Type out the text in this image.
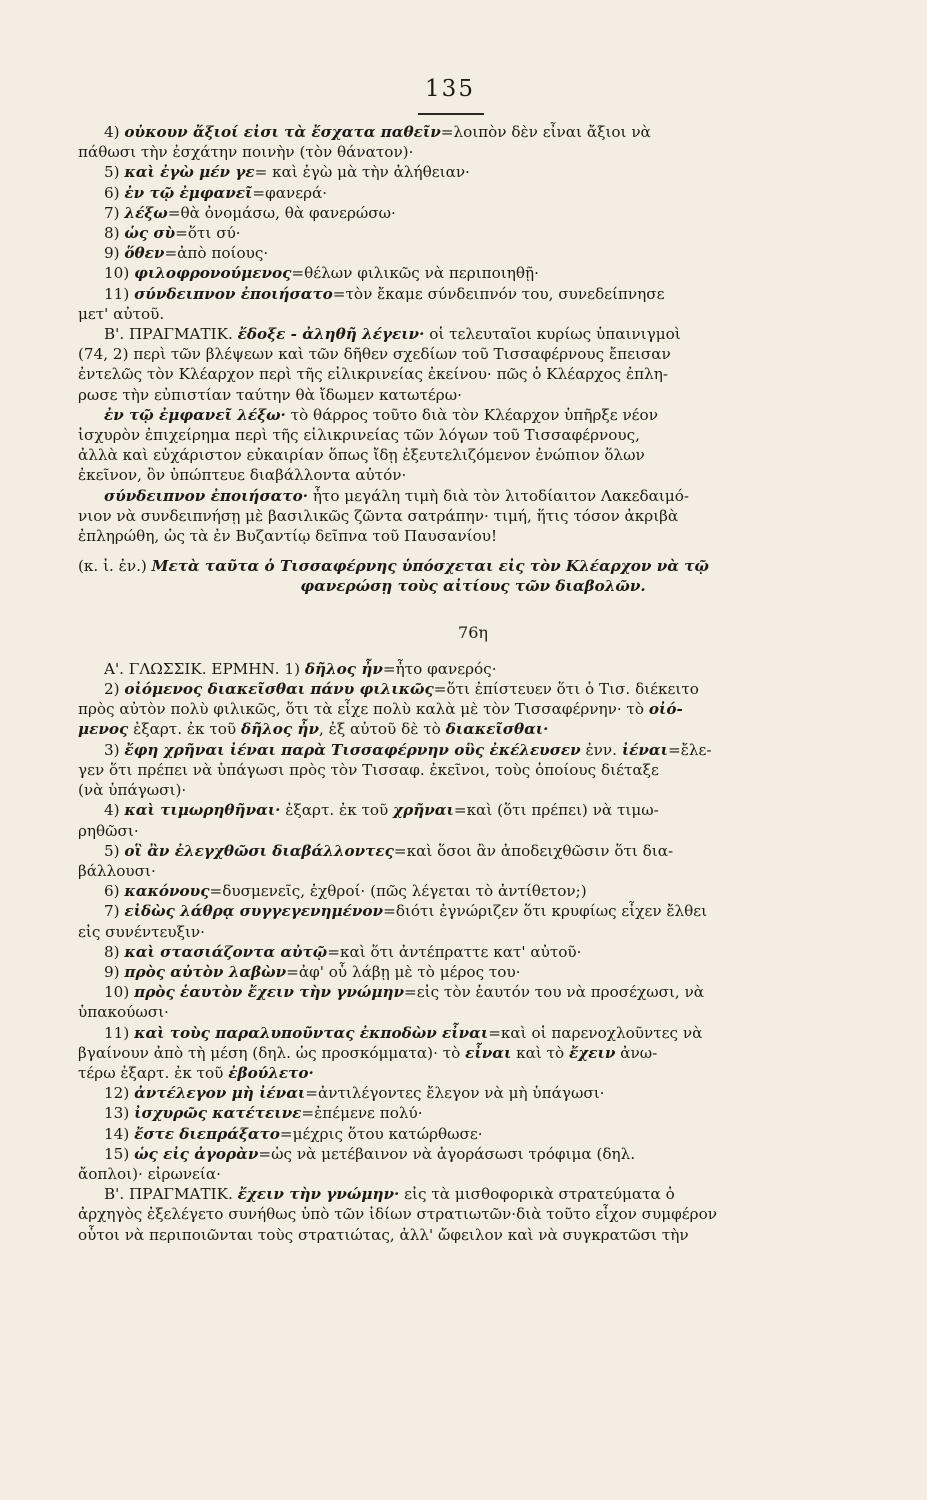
135

4) οὐκουν ἄξιοί εἰσι τὰ ἔσχατα παθεῖν=λοιπὸν δὲν εἶναι ἄξιοι νὰ

πάθωσι τὴν ἐσχάτην ποινὴν (τὸν θάνατον)·

5) καὶ ἐγὼ μέν γε= καὶ ἐγὼ μὰ τὴν ἀλήθειαν·

6) ἐν τῷ ἐμφανεῖ=φανερά·

7) λέξω=θὰ ὀνομάσω, θὰ φανερώσω·

8) ὡς σὺ=ὅτι σύ·

9) ὅθεν=ἀπὸ ποίους·

10) φιλοφρονούμενος=θέλων φιλικῶς νὰ περιποιηθῇ·

11) σύνδειπνον ἐποιήσατο=τὸν ἔκαμε σύνδειπνόν του, συνεδείπνησε

μετ' αὐτοῦ.

Β'. ΠΡΑΓΜΑΤΙΚ. ἔδοξε - ἀληθῆ λέγειν· οἱ τελευταῖοι κυρίως ὑπαινιγμοὶ

(74, 2) περὶ τῶν βλέψεων καὶ τῶν δῆθεν σχεδίων τοῦ Τισσαφέρνους ἔπεισαν

ἐντελῶς τὸν Κλέαρχον περὶ τῆς εἰλικρινείας ἐκείνου· πῶς ὁ Κλέαρχος ἐπλη-

ρωσε τὴν εὐπιστίαν ταύτην θὰ ἴδωμεν κατωτέρω·

ἐν τῷ ἐμφανεῖ λέξω· τὸ θάρρος τοῦτο διὰ τὸν Κλέαρχον ὑπῆρξε νέον

ἰσχυρὸν ἐπιχείρημα περὶ τῆς εἰλικρινείας τῶν λόγων τοῦ Τισσαφέρνους,

ἀλλὰ καὶ εὐχάριστον εὐκαιρίαν ὅπως ἴδῃ ἐξευτελιζόμενον ἐνώπιον ὅλων

ἐκεῖνον, ὃν ὑπώπτευε διαβάλλοντα αὐτόν·

σύνδειπνον ἐποιήσατο· ἦτο μεγάλη τιμὴ διὰ τὸν λιτοδίαιτον Λακεδαιμό-

νιον νὰ συνδειπνήσῃ μὲ βασιλικῶς ζῶντα σατράπην· τιμή, ἥτις τόσον ἀκριβὰ

ἐπληρώθη, ὡς τὰ ἐν Βυζαντίῳ δεῖπνα τοῦ Παυσανίου!

(κ. ἰ. ἐν.) Μετὰ ταῦτα ὁ Τισσαφέρνης ὑπόσχεται εἰς τὸν Κλέαρχον νὰ τῷ

φανερώσῃ τοὺς αἰτίους τῶν διαβολῶν.

76η

Α'. ΓΛΩΣΣΙΚ. ΕΡΜΗΝ. 1) δῆλος ἦν=ἦτο φανερός·

2) οἰόμενος διακεῖσθαι πάνυ φιλικῶς=ὅτι ἐπίστευεν ὅτι ὁ Τισ. διέκειτο

πρὸς αὐτὸν πολὺ φιλικῶς, ὅτι τὰ εἶχε πολὺ καλὰ μὲ τὸν Τισσαφέρνην· τὸ οἰό-

μενος ἐξαρτ. ἐκ τοῦ δῆλος ἦν, ἐξ αὐτοῦ δὲ τὸ διακεῖσθαι·

3) ἔφη χρῆναι ἰέναι παρὰ Τισσαφέρνην οὓς ἐκέλευσεν ἐνν. ἰέναι=ἔλε-

γεν ὅτι πρέπει νὰ ὑπάγωσι πρὸς τὸν Τισσαφ. ἐκεῖνοι, τοὺς ὁποίους διέταξε

(νὰ ὑπάγωσι)·

4) καὶ τιμωρηθῆναι· ἐξαρτ. ἐκ τοῦ χρῆναι=καὶ (ὅτι πρέπει) νὰ τιμω-

ρηθῶσι·

5) οἳ ἂν ἐλεγχθῶσι διαβάλλοντες=καὶ ὅσοι ἂν ἀποδειχθῶσιν ὅτι δια-

βάλλουσι·

6) κακόνους=δυσμενεῖς, ἐχθροί· (πῶς λέγεται τὸ ἀντίθετον;)

7) εἰδὼς λάθρᾳ συγγεγενημένον=διότι ἐγνώριζεν ὅτι κρυφίως εἶχεν ἔλθει

εἰς συνέντευξιν·

8) καὶ στασιάζοντα αὐτῷ=καὶ ὅτι ἀντέπραττε κατ' αὐτοῦ·

9) πρὸς αὐτὸν λαβὼν=ἀφ' οὗ λάβῃ μὲ τὸ μέρος του·

10) πρὸς ἑαυτὸν ἔχειν τὴν γνώμην=εἰς τὸν ἑαυτόν του νὰ προσέχωσι, νὰ

ὑπακούωσι·

11) καὶ τοὺς παραλυποῦντας ἐκποδὼν εἶναι=καὶ οἱ παρενοχλοῦντες νὰ

βγαίνουν ἀπὸ τὴ μέση (δηλ. ὡς προσκόμματα)· τὸ εἶναι καὶ τὸ ἔχειν ἀνω-

τέρω ἐξαρτ. ἐκ τοῦ ἐβούλετο·

12) ἀντέλεγον μὴ ἰέναι=ἀντιλέγοντες ἔλεγον νὰ μὴ ὑπάγωσι·

13) ἰσχυρῶς κατέτεινε=ἐπέμενε πολύ·

14) ἔστε διεπράξατο=μέχρις ὅτου κατώρθωσε·

15) ὡς εἰς ἀγορὰν=ὡς νὰ μετέβαινον νὰ ἀγοράσωσι τρόφιμα (δηλ.

ἄοπλοι)· εἰρωνεία·

Β'. ΠΡΑΓΜΑΤΙΚ. ἔχειν τὴν γνώμην· εἰς τὰ μισθοφορικὰ στρατεύματα ὁ

ἀρχηγὸς ἐξελέγετο συνήθως ὑπὸ τῶν ἰδίων στρατιωτῶν·διὰ τοῦτο εἶχον συμφέρον

οὗτοι νὰ περιποιῶνται τοὺς στρατιώτας, ἀλλ' ὤφειλον καὶ νὰ συγκρατῶσι τὴν
